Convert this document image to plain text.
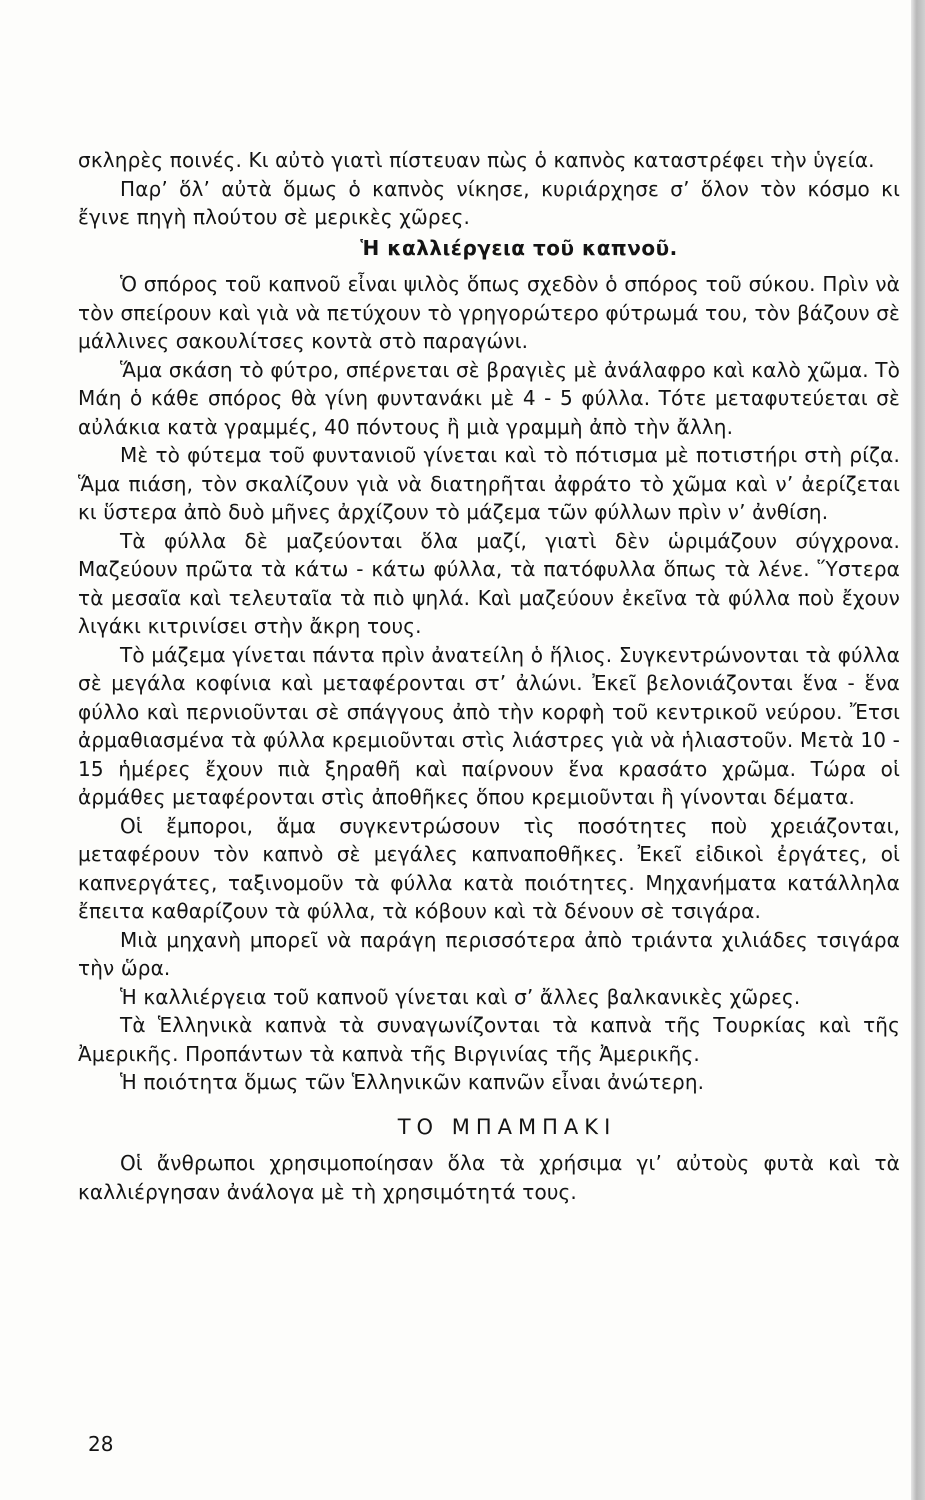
σκληρὲς ποινές. Κι αὐτὸ γιατὶ πίστευαν πὼς ὁ καπνὸς καταστρέφει τὴν ὑγεία.

Παρ’ ὅλ’ αὐτὰ ὅμως ὁ καπνὸς νίκησε, κυριάρχησε σ’ ὅλον τὸν κόσμο κι ἔγινε πηγὴ πλούτου σὲ μερικὲς χῶρες.

Ἡ καλλιέργεια τοῦ καπνοῦ.

Ὁ σπόρος τοῦ καπνοῦ εἶναι ψιλὸς ὅπως σχεδὸν ὁ σπόρος τοῦ σύκου. Πρὶν νὰ τὸν σπείρουν καὶ γιὰ νὰ πετύχουν τὸ γρηγορώτερο φύτρωμά του, τὸν βάζουν σὲ μάλλινες σακουλίτσες κοντὰ στὸ παραγώνι.

Ἅμα σκάση τὸ φύτρο, σπέρνεται σὲ βραγιὲς μὲ ἀνάλαφρο καὶ καλὸ χῶμα. Τὸ Μάη ὁ κάθε σπόρος θὰ γίνη φυντανάκι μὲ 4 - 5 φύλλα. Τότε μεταφυτεύεται σὲ αὐλάκια κατὰ γραμμές, 40 πόντους ἢ μιὰ γραμμὴ ἀπὸ τὴν ἄλλη.

Μὲ τὸ φύτεμα τοῦ φυντανιοῦ γίνεται καὶ τὸ πότισμα μὲ ποτιστήρι στὴ ρίζα. Ἅμα πιάση, τὸν σκαλίζουν γιὰ νὰ διατηρῆται ἀφράτο τὸ χῶμα καὶ ν’ ἀερίζεται κι ὕστερα ἀπὸ δυὸ μῆνες ἀρχίζουν τὸ μάζεμα τῶν φύλλων πρὶν ν’ ἀνθίση.

Τὰ φύλλα δὲ μαζεύονται ὅλα μαζί, γιατὶ δὲν ὡριμάζουν σύγχρονα. Μαζεύουν πρῶτα τὰ κάτω - κάτω φύλλα, τὰ πατόφυλλα ὅπως τὰ λένε. Ὕστερα τὰ μεσαῖα καὶ τελευταῖα τὰ πιὸ ψηλά. Καὶ μαζεύουν ἐκεῖνα τὰ φύλλα ποὺ ἔχουν λιγάκι κιτρινίσει στὴν ἄκρη τους.

Τὸ μάζεμα γίνεται πάντα πρὶν ἀνατείλη ὁ ἥλιος. Συγκεντρώνονται τὰ φύλλα σὲ μεγάλα κοφίνια καὶ μεταφέρονται στ’ ἀλώνι. Ἐκεῖ βελονιάζονται ἕνα - ἕνα φύλλο καὶ περνιοῦνται σὲ σπάγγους ἀπὸ τὴν κορφὴ τοῦ κεντρικοῦ νεύρου. Ἔτσι ἀρμαθιασμένα τὰ φύλλα κρεμιοῦνται στὶς λιάστρες γιὰ νὰ ἡλιαστοῦν. Μετὰ 10 - 15 ἡμέρες ἔχουν πιὰ ξηραθῆ καὶ παίρνουν ἕνα κρασάτο χρῶμα. Τώρα οἱ ἀρμάθες μεταφέρονται στὶς ἀποθῆκες ὅπου κρεμιοῦνται ἢ γίνονται δέματα.

Οἱ ἔμποροι, ἅμα συγκεντρώσουν τὶς ποσότητες ποὺ χρειάζονται, μεταφέρουν τὸν καπνὸ σὲ μεγάλες καπναποθῆκες. Ἐκεῖ εἰδικοὶ ἐργάτες, οἱ καπνεργάτες, ταξινομοῦν τὰ φύλλα κατὰ ποιότητες. Μηχανήματα κατάλληλα ἔπειτα καθαρίζουν τὰ φύλλα, τὰ κόβουν καὶ τὰ δένουν σὲ τσιγάρα.

Μιὰ μηχανὴ μπορεῖ νὰ παράγη περισσότερα ἀπὸ τριάντα χιλιάδες τσιγάρα τὴν ὥρα.

Ἡ καλλιέργεια τοῦ καπνοῦ γίνεται καὶ σ’ ἄλλες βαλκανικὲς χῶρες.

Τὰ Ἑλληνικὰ καπνὰ τὰ συναγωνίζονται τὰ καπνὰ τῆς Τουρκίας καὶ τῆς Ἀμερικῆς. Προπάντων τὰ καπνὰ τῆς Βιργινίας τῆς Ἀμερικῆς.

Ἡ ποιότητα ὅμως τῶν Ἑλληνικῶν καπνῶν εἶναι ἀνώτερη.

ΤΟ ΜΠΑΜΠΑΚΙ

Οἱ ἄνθρωποι χρησιμοποίησαν ὅλα τὰ χρήσιμα γι’ αὐτοὺς φυτὰ καὶ τὰ καλλιέργησαν ἀνάλογα μὲ τὴ χρησιμότητά τους.

28
